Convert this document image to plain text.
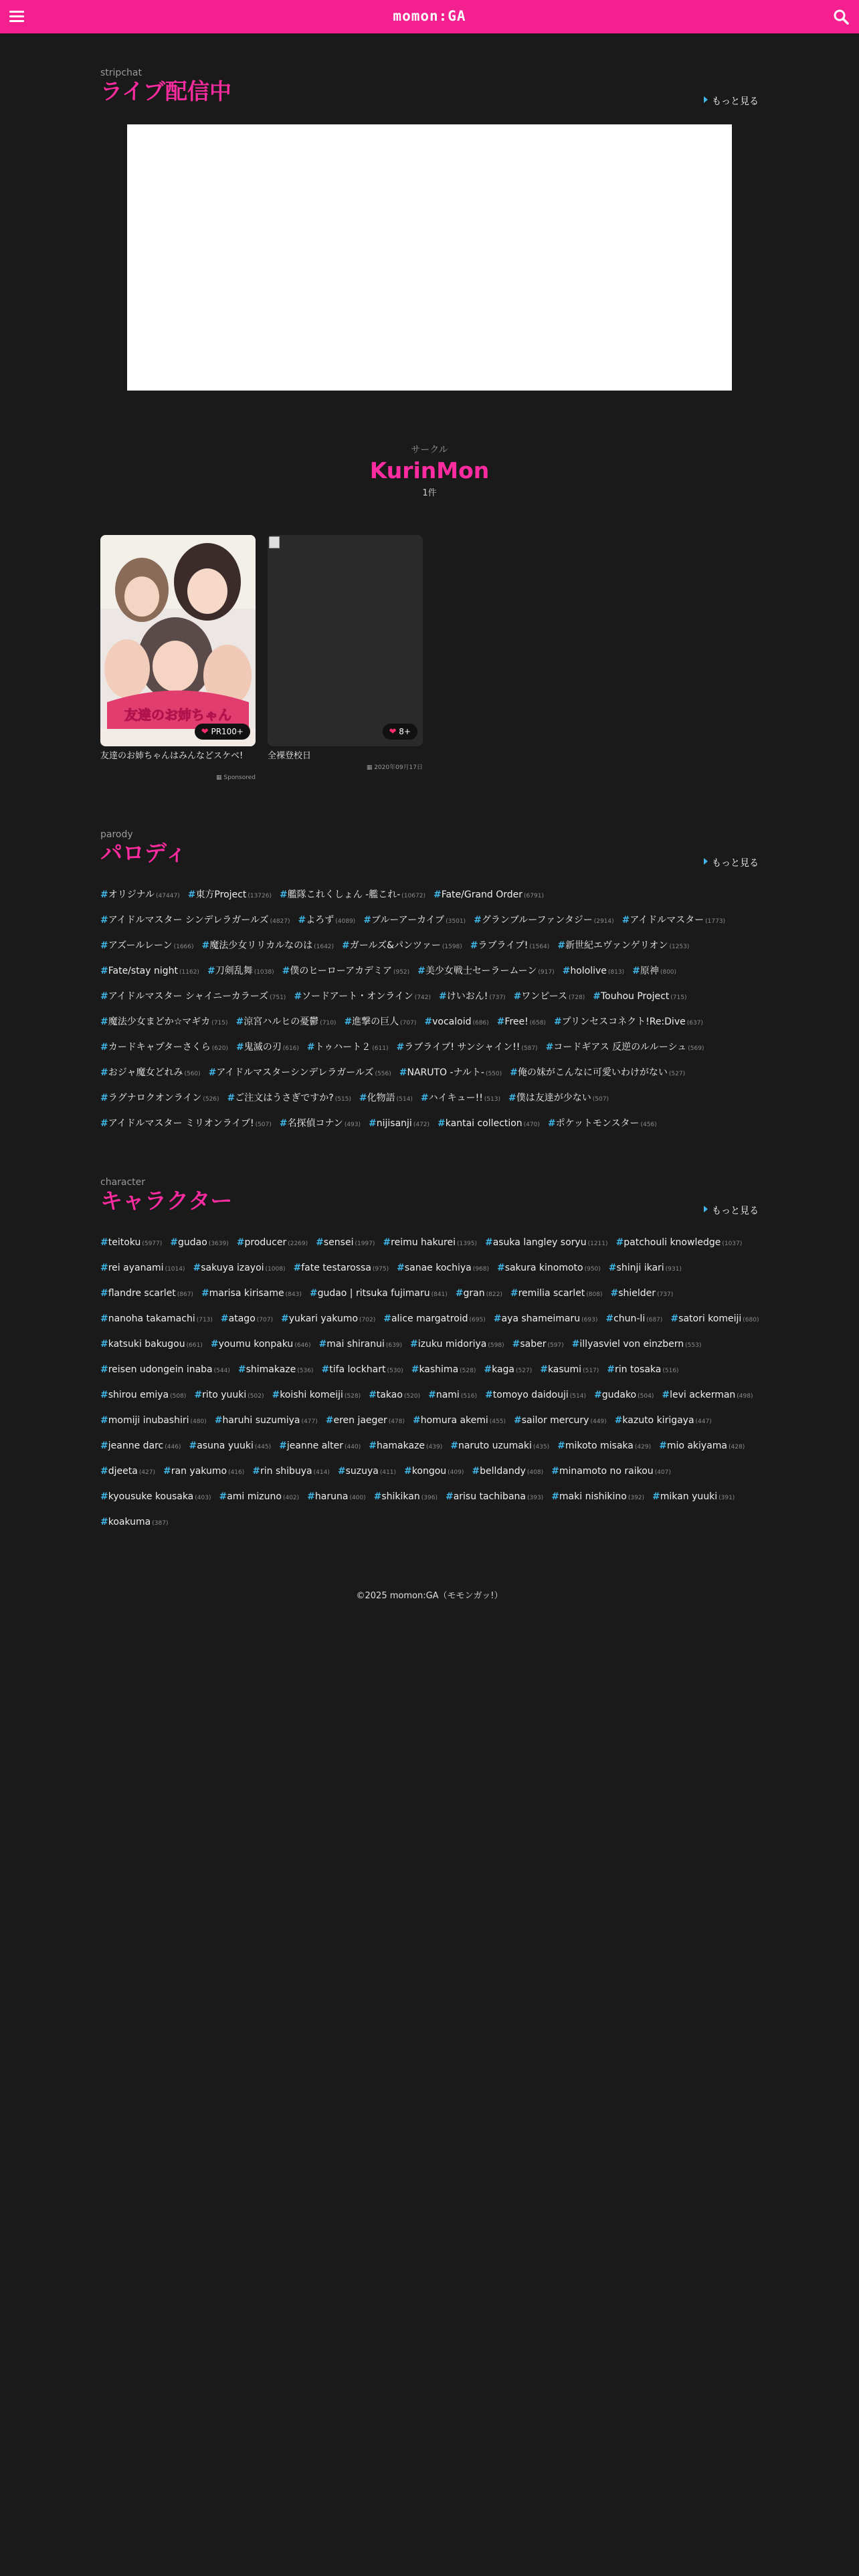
momon:GA
stripchat
ライブ配信中	もっと見る
サークル
KurinMon
1件
友達のお姉ちゃん
❤ PR100+
友達のお姉ちゃんはみんなどスケベ!
▦ Sponsored
❤ 8+
全裸登校日
▦ 2020年09月17日
parody
パロディ	もっと見る
#オリジナル (47447) #東方Project (13726) #艦隊これくしょん -艦これ- (10672) #Fate/Grand Order (6791)
#アイドルマスター シンデレラガールズ (4827) #よろず (4089) #ブルーアーカイブ (3501) #グランブルーファンタジー (2914) #アイドルマスター (1773)
#アズールレーン (1666) #魔法少女リリカルなのは (1642) #ガールズ&パンツァー (1598) #ラブライブ! (1564) #新世紀エヴァンゲリオン (1253)
#Fate/stay night (1162) #刀剣乱舞 (1038) #僕のヒーローアカデミア (952) #美少女戦士セーラームーン (917) #hololive (813) #原神 (800)
#アイドルマスター シャイニーカラーズ (751) #ソードアート・オンライン (742) #けいおん! (737) #ワンピース (728) #Touhou Project (715)
#魔法少女まどか☆マギカ (715) #涼宮ハルヒの憂鬱 (710) #進撃の巨人 (707) #vocaloid (686) #Free! (658) #プリンセスコネクト!Re:Dive (637)
#カードキャプターさくら (620) #鬼滅の刃 (616) #トゥハート２ (611) #ラブライブ! サンシャイン!! (587) #コードギアス 反逆のルルーシュ (569)
#おジャ魔女どれみ (560) #アイドルマスターシンデレラガールズ (556) #NARUTO -ナルト- (550) #俺の妹がこんなに可愛いわけがない (527)
#ラグナロクオンライン (526) #ご注文はうさぎですか? (515) #化物語 (514) #ハイキュー!! (513) #僕は友達が少ない (507)
#アイドルマスター ミリオンライブ! (507) #名探偵コナン (493) #nijisanji (472) #kantai collection (470) #ポケットモンスター (456)
character
キャラクター	もっと見る
#teitoku (5977) #gudao (3639) #producer (2269) #sensei (1997) #reimu hakurei (1395) #asuka langley soryu (1211) #patchouli knowledge (1037)
#rei ayanami (1014) #sakuya izayoi (1008) #fate testarossa (975) #sanae kochiya (968) #sakura kinomoto (950) #shinji ikari (931)
#flandre scarlet (867) #marisa kirisame (843) #gudao | ritsuka fujimaru (841) #gran (822) #remilia scarlet (808) #shielder (737)
#nanoha takamachi (713) #atago (707) #yukari yakumo (702) #alice margatroid (695) #aya shameimaru (693) #chun-li (687) #satori komeiji (680)
#katsuki bakugou (661) #youmu konpaku (646) #mai shiranui (639) #izuku midoriya (598) #saber (597) #illyasviel von einzbern (553)
#reisen udongein inaba (544) #shimakaze (536) #tifa lockhart (530) #kashima (528) #kaga (527) #kasumi (517) #rin tosaka (516)
#shirou emiya (508) #rito yuuki (502) #koishi komeiji (528) #takao (520) #nami (516) #tomoyo daidouji (514) #gudako (504) #levi ackerman (498)
#momiji inubashiri (480) #haruhi suzumiya (477) #eren jaeger (478) #homura akemi (455) #sailor mercury (449) #kazuto kirigaya (447)
#jeanne darc (446) #asuna yuuki (445) #jeanne alter (440) #hamakaze (439) #naruto uzumaki (435) #mikoto misaka (429) #mio akiyama (428)
#djeeta (427) #ran yakumo (416) #rin shibuya (414) #suzuya (411) #kongou (409) #belldandy (408) #minamoto no raikou (407)
#kyousuke kousaka (403) #ami mizuno (402) #haruna (400) #shikikan (396) #arisu tachibana (393) #maki nishikino (392) #mikan yuuki (391)
#koakuma (387)
©2025 momon:GA（モモンガッ!）
